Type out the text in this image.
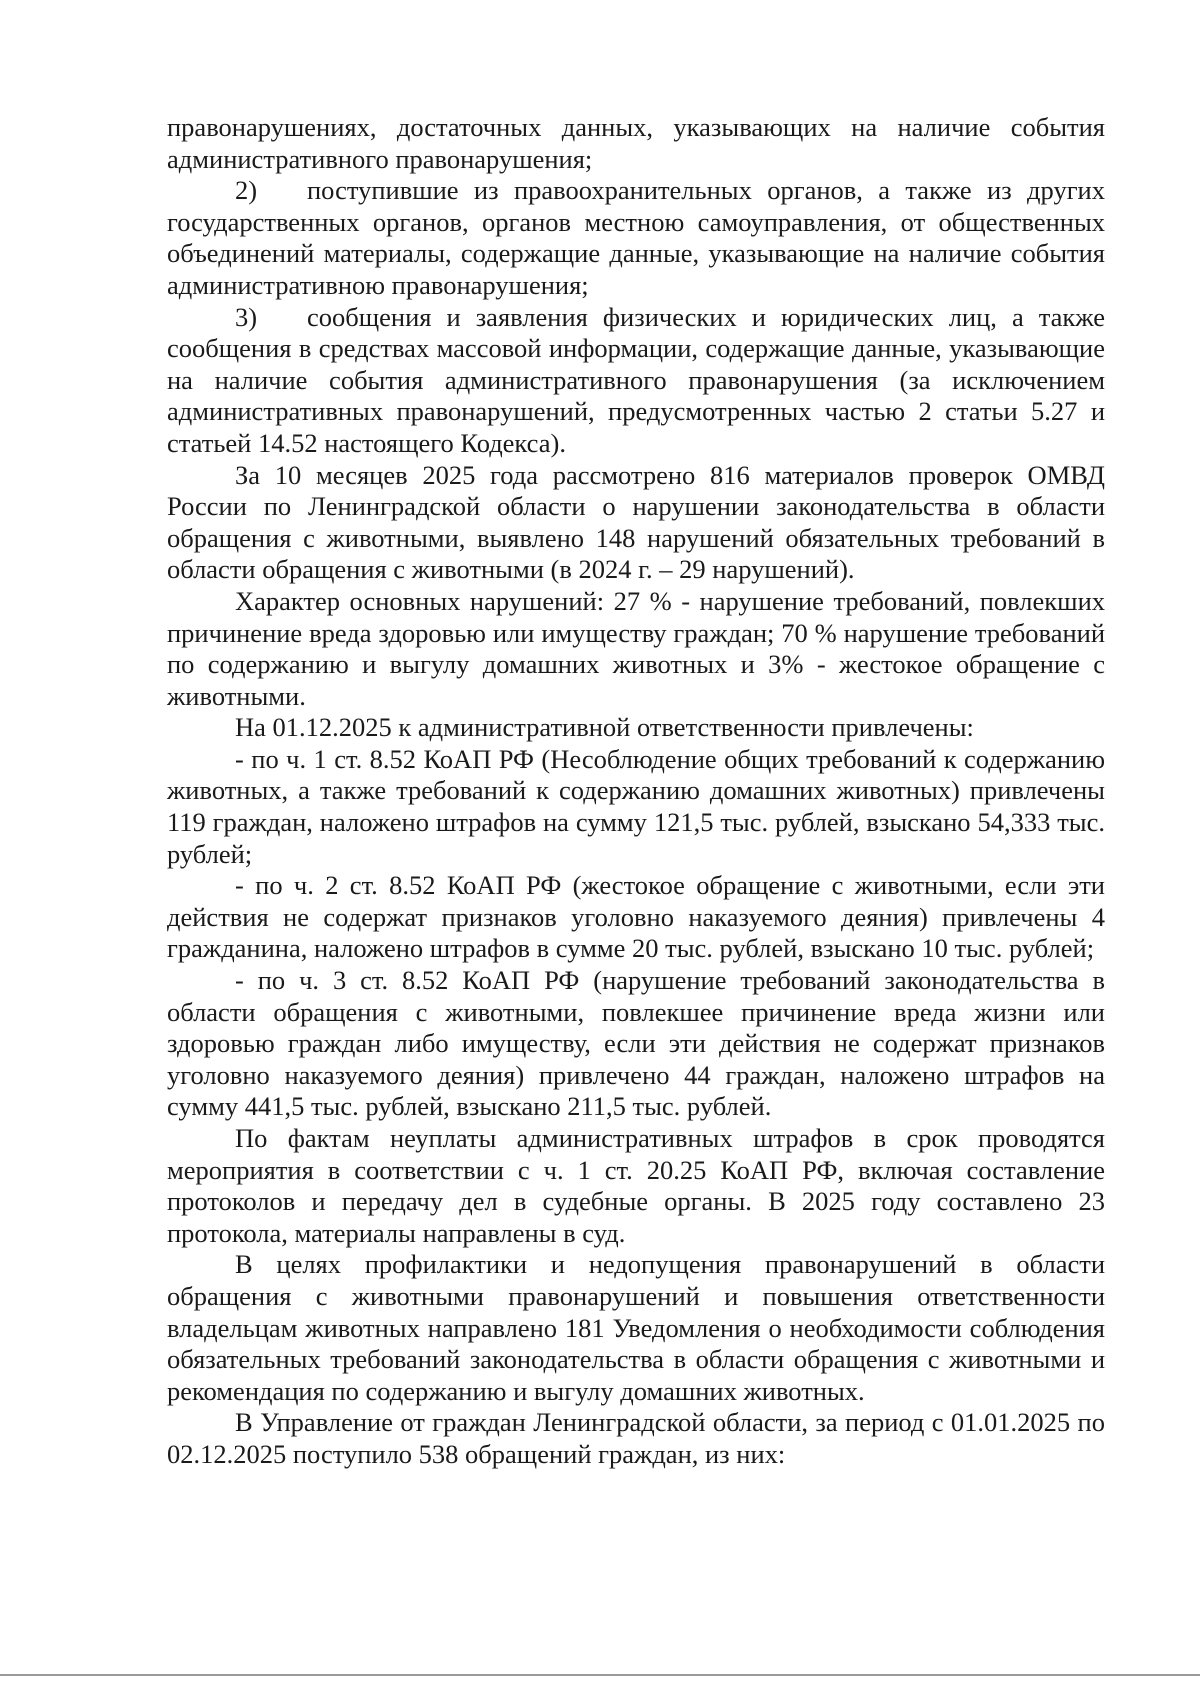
правонарушениях, достаточных данных, указывающих на наличие события административного правонарушения;

2) поступившие из правоохранительных органов, а также из других государственных органов, органов местною самоуправления, от общественных объединений материалы, содержащие данные, указывающие на наличие события административною правонарушения;

3) сообщения и заявления физических и юридических лиц, а также сообщения в средствах массовой информации, содержащие данные, указывающие на наличие события административного правонарушения (за исключением административных правонарушений, предусмотренных частью 2 статьи 5.27 и статьей 14.52 настоящего Кодекса).

За 10 месяцев 2025 года рассмотрено 816 материалов проверок ОМВД России по Ленинградской области о нарушении законодательства в области обращения с животными, выявлено 148 нарушений обязательных требований в области обращения с животными (в 2024 г. – 29 нарушений).

Характер основных нарушений: 27 % - нарушение требований, повлекших причинение вреда здоровью или имуществу граждан; 70 % нарушение требований по содержанию и выгулу домашних животных и 3% - жестокое обращение с животными.

На 01.12.2025 к административной ответственности привлечены:

- по ч. 1 ст. 8.52 КоАП РФ (Несоблюдение общих требований к содержанию животных, а также требований к содержанию домашних животных) привлечены 119 граждан, наложено штрафов на сумму 121,5 тыс. рублей, взыскано 54,333 тыс. рублей;

- по ч. 2 ст. 8.52 КоАП РФ (жестокое обращение с животными, если эти действия не содержат признаков уголовно наказуемого деяния) привлечены 4 гражданина, наложено штрафов в сумме 20 тыс. рублей, взыскано 10 тыс. рублей;

- по ч. 3 ст. 8.52 КоАП РФ (нарушение требований законодательства в области обращения с животными, повлекшее причинение вреда жизни или здоровью граждан либо имуществу, если эти действия не содержат признаков уголовно наказуемого деяния) привлечено 44 граждан, наложено штрафов на сумму 441,5 тыс. рублей, взыскано 211,5 тыс. рублей.

По фактам неуплаты административных штрафов в срок проводятся мероприятия в соответствии с ч. 1 ст. 20.25 КоАП РФ, включая составление протоколов и передачу дел в судебные органы. В 2025 году составлено 23 протокола, материалы направлены в суд.

В целях профилактики и недопущения правонарушений в области обращения с животными правонарушений и повышения ответственности владельцам животных направлено 181 Уведомления о необходимости соблюдения обязательных требований законодательства в области обращения с животными и рекомендация по содержанию и выгулу домашних животных.

В Управление от граждан Ленинградской области, за период с 01.01.2025 по 02.12.2025 поступило 538 обращений граждан, из них:
